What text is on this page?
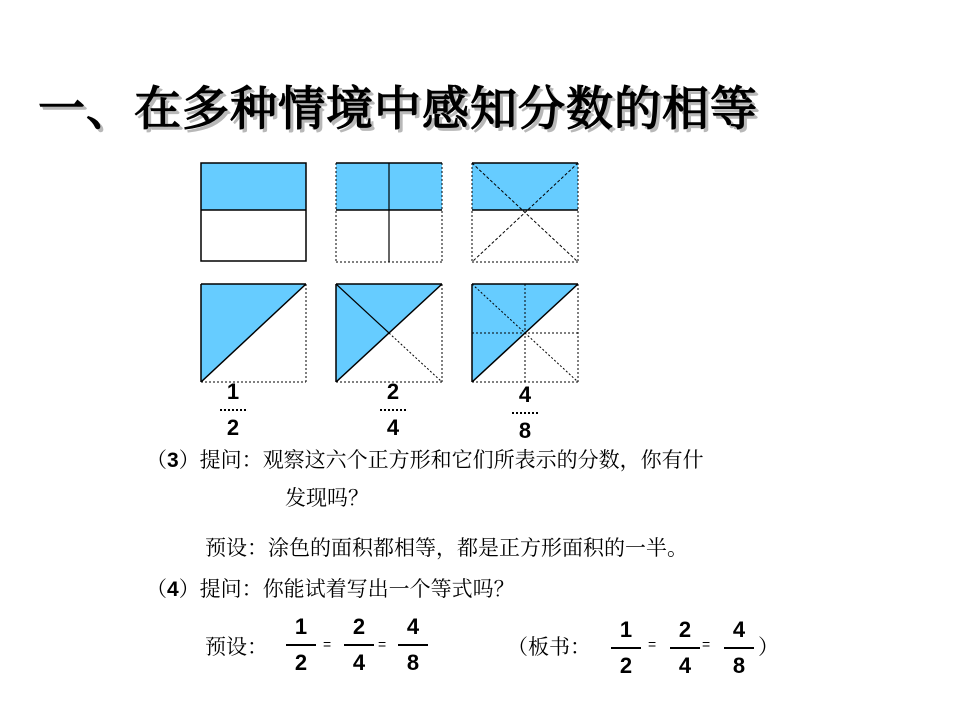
一、在多种情境中感知分数的相等
1
2
2
4
4
8
（3）提问：观察这六个正方形和它们所表示的分数，你有什
发现吗？
预设：涂色的面积都相等，都是正方形面积的一半。
（4）提问：你能试着写出一个等式吗？
预设：
1
2
=
2
4
=
4
8
（板书：
1
2
=
2
4
=
4
8
）
